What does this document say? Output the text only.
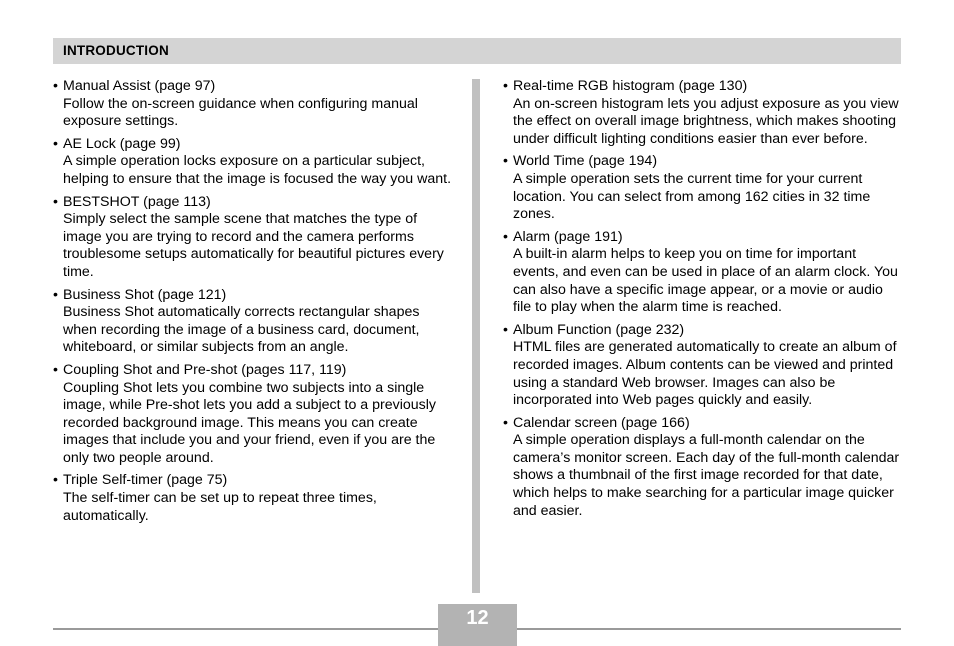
INTRODUCTION
• Manual Assist (page 97)
Follow the on-screen guidance when configuring manual exposure settings.
• AE Lock (page 99)
A simple operation locks exposure on a particular subject, helping to ensure that the image is focused the way you want.
• BESTSHOT (page 113)
Simply select the sample scene that matches the type of image you are trying to record and the camera performs troublesome setups automatically for beautiful pictures every time.
• Business Shot (page 121)
Business Shot automatically corrects rectangular shapes when recording the image of a business card, document, whiteboard, or similar subjects from an angle.
• Coupling Shot and Pre-shot (pages 117, 119)
Coupling Shot lets you combine two subjects into a single image, while Pre-shot lets you add a subject to a previously recorded background image. This means you can create images that include you and your friend, even if you are the only two people around.
• Triple Self-timer (page 75)
The self-timer can be set up to repeat three times, automatically.
• Real-time RGB histogram (page 130)
An on-screen histogram lets you adjust exposure as you view the effect on overall image brightness, which makes shooting under difficult lighting conditions easier than ever before.
• World Time (page 194)
A simple operation sets the current time for your current location. You can select from among 162 cities in 32 time zones.
• Alarm (page 191)
A built-in alarm helps to keep you on time for important events, and even can be used in place of an alarm clock. You can also have a specific image appear, or a movie or audio file to play when the alarm time is reached.
• Album Function (page 232)
HTML files are generated automatically to create an album of recorded images. Album contents can be viewed and printed using a standard Web browser. Images can also be incorporated into Web pages quickly and easily.
• Calendar screen (page 166)
A simple operation displays a full-month calendar on the camera’s monitor screen. Each day of the full-month calendar shows a thumbnail of the first image recorded for that date, which helps to make searching for a particular image quicker and easier.
12
